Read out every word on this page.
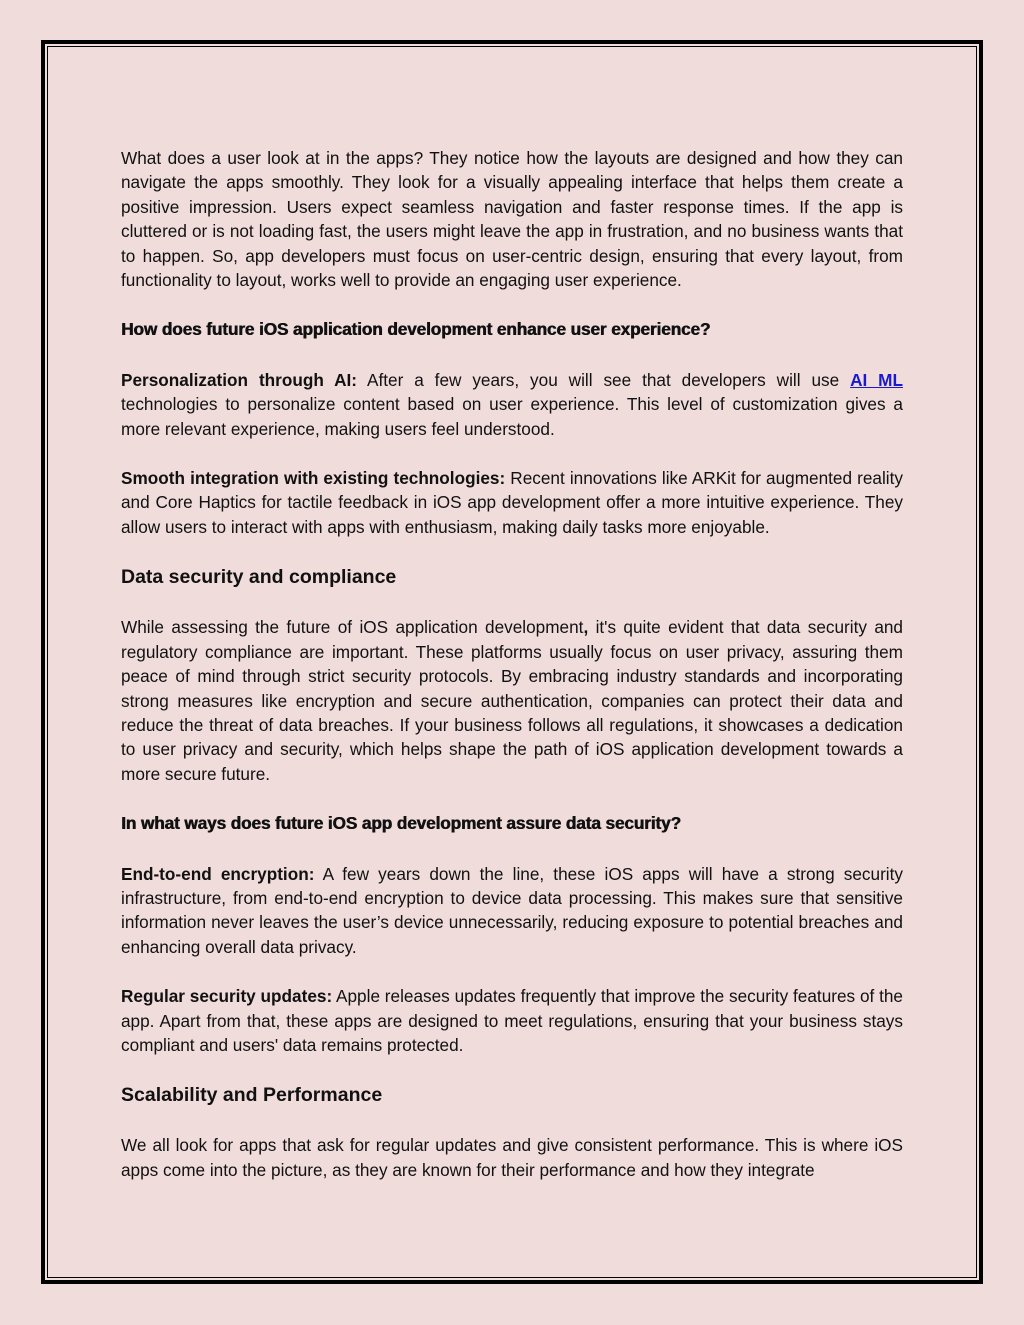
What does a user look at in the apps? They notice how the layouts are designed and how they can navigate the apps smoothly. They look for a visually appealing interface that helps them create a positive impression. Users expect seamless navigation and faster response times. If the app is cluttered or is not loading fast, the users might leave the app in frustration, and no business wants that to happen. So, app developers must focus on user-centric design, ensuring that every layout, from functionality to layout, works well to provide an engaging user experience.

How does future iOS application development enhance user experience?

Personalization through AI: After a few years, you will see that developers will use AI ML technologies to personalize content based on user experience. This level of customization gives a more relevant experience, making users feel understood.

Smooth integration with existing technologies: Recent innovations like ARKit for augmented reality and Core Haptics for tactile feedback in iOS app development offer a more intuitive experience. They allow users to interact with apps with enthusiasm, making daily tasks more enjoyable.

Data security and compliance

While assessing the future of iOS application development, it's quite evident that data security and regulatory compliance are important. These platforms usually focus on user privacy, assuring them peace of mind through strict security protocols. By embracing industry standards and incorporating strong measures like encryption and secure authentication, companies can protect their data and reduce the threat of data breaches. If your business follows all regulations, it showcases a dedication to user privacy and security, which helps shape the path of iOS application development towards a more secure future.

In what ways does future iOS app development assure data security?

End-to-end encryption: A few years down the line, these iOS apps will have a strong security infrastructure, from end-to-end encryption to device data processing. This makes sure that sensitive information never leaves the user’s device unnecessarily, reducing exposure to potential breaches and enhancing overall data privacy.

Regular security updates: Apple releases updates frequently that improve the security features of the app. Apart from that, these apps are designed to meet regulations, ensuring that your business stays compliant and users' data remains protected.

Scalability and Performance

We all look for apps that ask for regular updates and give consistent performance. This is where iOS apps come into the picture, as they are known for their performance and how they integrate
